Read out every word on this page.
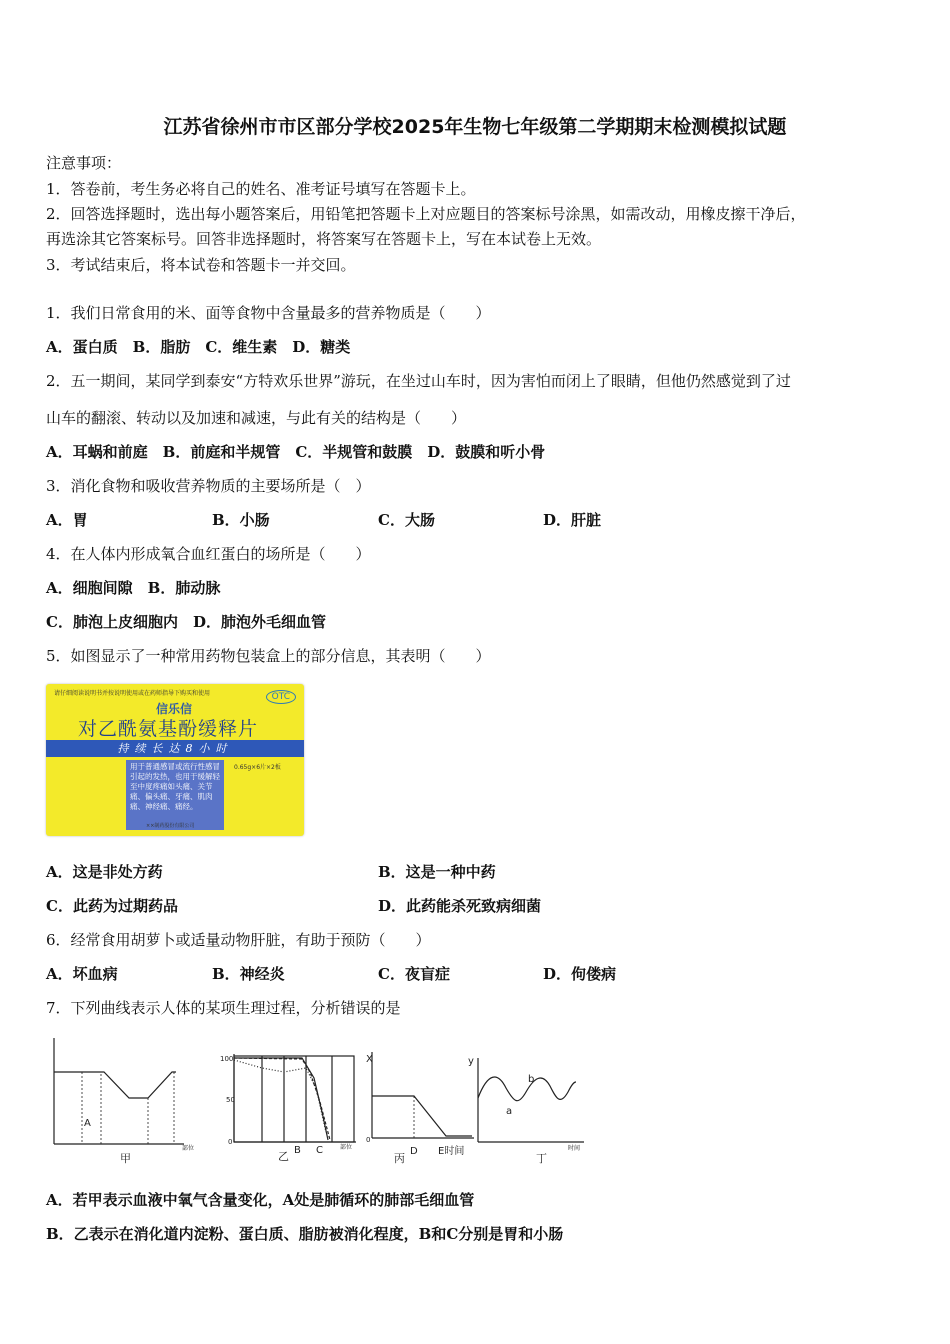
江苏省徐州市市区部分学校2025年生物七年级第二学期期末检测模拟试题
注意事项：
1．答卷前，考生务必将自己的姓名、准考证号填写在答题卡上。
2．回答选择题时，选出每小题答案后，用铅笔把答题卡上对应题目的答案标号涂黑，如需改动，用橡皮擦干净后，
再选涂其它答案标号。回答非选择题时，将答案写在答题卡上，写在本试卷上无效。
3．考试结束后，将本试卷和答题卡一并交回。
1．我们日常食用的米、面等食物中含量最多的营养物质是（　　）
A．蛋白质　B．脂肪　C．维生素　D．糖类
2．五一期间，某同学到泰安“方特欢乐世界”游玩，在坐过山车时，因为害怕而闭上了眼睛，但他仍然感觉到了过
山车的翻滚、转动以及加速和减速，与此有关的结构是（　　）
A．耳蜗和前庭　B．前庭和半规管　C．半规管和鼓膜　D．鼓膜和听小骨
3．消化食物和吸收营养物质的主要场所是（　）
A．胃	B．小肠	C．大肠	D．肝脏
4．在人体内形成氧合血红蛋白的场所是（　　）
A．细胞间隙　B．肺动脉
C．肺泡上皮细胞内　D．肺泡外毛细血管
5．如图显示了一种常用药物包装盒上的部分信息，其表明（　　）
请仔细阅读说明书并按说明使用或在药师指导下购买和使用	OTC
信乐信
对乙酰氨基酚缓释片
持续长达8小时
0.65g×6片×2板
用于普通感冒或流行性感冒引起的发热，也用于缓解轻至中度疼痛如头痛、关节痛、偏头痛、牙痛、肌肉痛、神经痛、痛经。
××制药股份有限公司
A．这是非处方药	B．这是一种中药
C．此药为过期药品	D．此药能杀死致病细菌
6．经常食用胡萝卜或适量动物肝脏，有助于预防（　　）
A．坏血病	B．神经炎	C．夜盲症	D．佝偻病
7．下列曲线表示人体的某项生理过程，分析错误的是
A
部位
甲
100
50
0
B C	部位
乙
X
0
D E时间
丙
y
a
b
时间
丁
A．若甲表示血液中氧气含量变化，A处是肺循环的肺部毛细血管
B．乙表示在消化道内淀粉、蛋白质、脂肪被消化程度，B和C分别是胃和小肠
